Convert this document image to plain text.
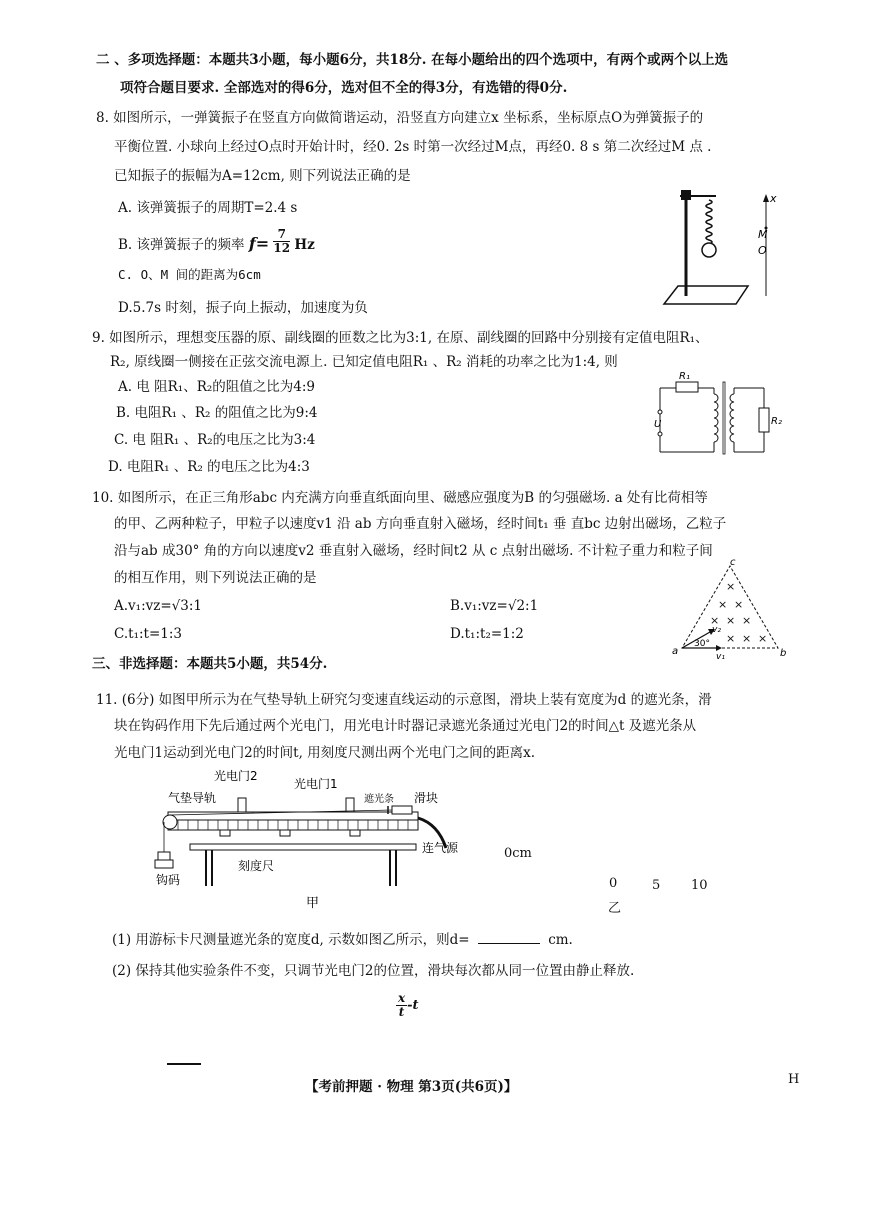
二 、多项选择题：本题共3小题，每小题6分，共18分. 在每小题给出的四个选项中，有两个或两个以上选
项符合题目要求. 全部选对的得6分，选对但不全的得3分，有选错的得0分.
8. 如图所示，一弹簧振子在竖直方向做简谐运动，沿竖直方向建立x 坐标系，坐标原点O为弹簧振子的
平衡位置. 小球向上经过O点时开始计时，经0. 2s 时第一次经过M点，再经0. 8 s 第二次经过M 点 .
已知振子的振幅为A=12cm, 则下列说法正确的是
A. 该弹簧振子的周期T=2.4 s
B. 该弹簧振子的频率 $f= \frac{7}{12}$ Hz
C. O、M 间的距离为6cm
D.5.7s 时刻，振子向上振动，加速度为负
x
M
O
9. 如图所示，理想变压器的原、副线圈的匝数之比为3:1, 在原、副线圈的回路中分别接有定值电阻R₁、
R₂, 原线圈一侧接在正弦交流电源上. 已知定值电阻R₁ 、R₂ 消耗的功率之比为1:4, 则
A. 电 阻R₁、R₂的阻值之比为4:9
B. 电阻R₁ 、R₂ 的阻值之比为9:4
C. 电 阻R₁ 、R₂的电压之比为3:4
D. 电阻R₁ 、R₂ 的电压之比为4:3
R₁
U	R₂
10. 如图所示，在正三角形abc 内充满方向垂直纸面向里、磁感应强度为B 的匀强磁场. a 处有比荷相等
的甲、乙两种粒子，甲粒子以速度v1 沿 ab 方向垂直射入磁场，经时间t₁ 垂 直bc 边射出磁场，乙粒子
沿与ab 成30° 角的方向以速度v2 垂直射入磁场，经时间t2 从 c 点射出磁场. 不计粒子重力和粒子间
的相互作用，则下列说法正确的是
A.v₁:vz=√3:1	B.v₁:vz=√2:1
C.t₁:t=1:3	D.t₁:t₂=1:2
c
a	b
×
× ×
× × ×
× × ×
v₁
v₂
30°
三、非选择题：本题共5小题，共54分.
11. (6分) 如图甲所示为在气垫导轨上研究匀变速直线运动的示意图，滑块上装有宽度为d 的遮光条，滑
块在钩码作用下先后通过两个光电门，用光电计时器记录遮光条通过光电门2的时间△t 及遮光条从
光电门1运动到光电门2的时间t, 用刻度尺测出两个光电门之间的距离x.
光电门2
光电门1
气垫导轨	遮光条 滑块
连气源
刻度尺
钩码
甲
0cm
0	5 10
乙
(1) 用游标卡尺测量遮光条的宽度d, 示数如图乙所示，则d=	cm.
(2) 保持其他实验条件不变，只调节光电门2的位置，滑块每次都从同一位置由静止释放.
$\frac{x}{t} -t$
【考前押题 · 物理 第3页(共6页)】	H
